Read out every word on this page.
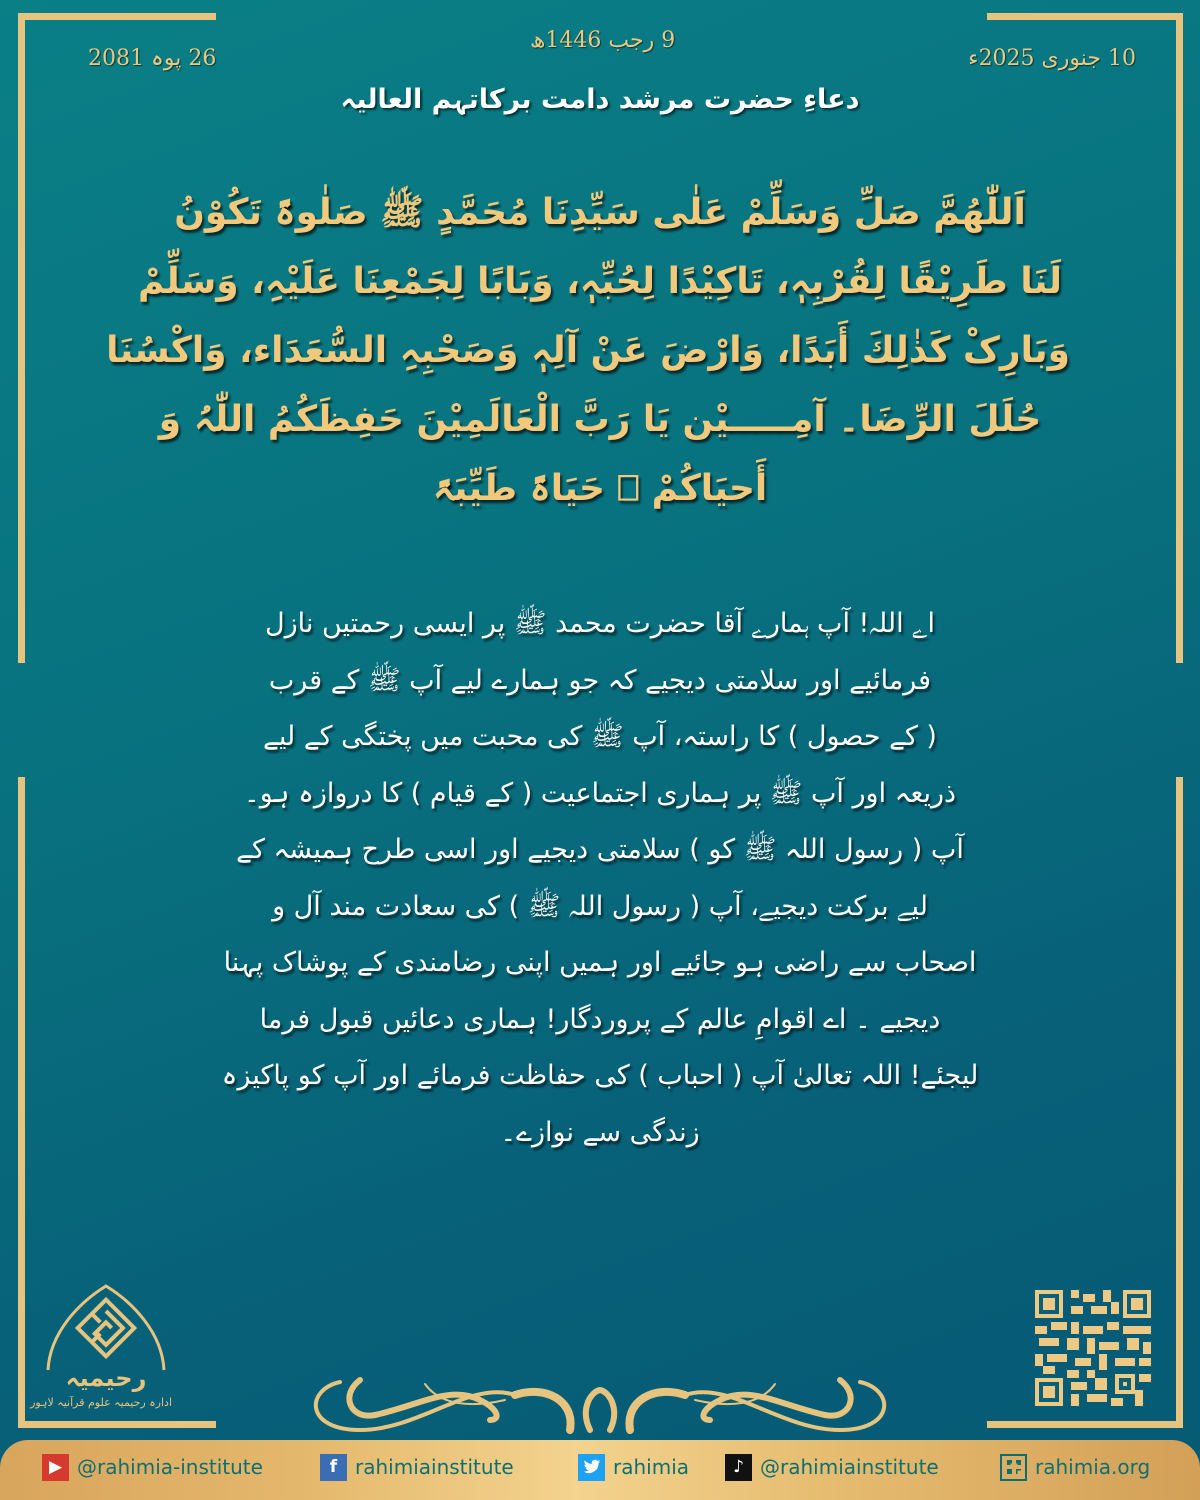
10 جنوری 2025ء
9 رجب 1446ھ
26 پوہ 2081
دعاءِ حضرت مرشد دامت برکاتہم العالیہ
اَللّٰھُمَّ صَلِّ وَسَلِّمْ عَلٰی سَیِّدِنَا مُحَمَّدٍ ﷺ صَلٰوۃً تَکُوْنُ
لَنَا طَرِیْقًا لِقُرْبِہٖ، تَاکِیْدًا لِحُبِّہٖ، وَبَابًا لِجَمْعِنَا عَلَیْہِ، وَسَلِّمْ
وَبَارِکْ کَذٰلِكَ أَبَدًا، وَارْضَ عَنْ آلِہٖ وَصَحْبِہِ السُّعَدَاء، وَاکْسُنَا
حُلَلَ الرِّضَا۔ آمِـــــیْن یَا رَبَّ الْعَالَمِیْنَ حَفِظَکُمُ اللّٰہُ وَ
أَحیَاکُمْ ⎕ حَیَاۃً طَیِّبَۃً
اے اللہ! آپ ہمارے آقا حضرت محمد ﷺ پر ایسی رحمتیں نازل
فرمائیے اور سلامتی دیجیے کہ جو ہمارے لیے آپ ﷺ کے قرب
( کے حصول ) کا راستہ، آپ ﷺ کی محبت میں پختگی کے لیے
ذریعہ اور آپ ﷺ پر ہماری اجتماعیت ( کے قیام ) کا دروازہ ہو۔
آپ ( رسول اللہ ﷺ کو ) سلامتی دیجیے اور اسی طرح ہمیشہ کے
لیے برکت دیجیے، آپ ( رسول اللہ ﷺ ) کی سعادت مند آل و
اصحاب سے راضی ہو جائیے اور ہمیں اپنی رضامندی کے پوشاک پہنا
دیجیے ۔ اے اقوامِ عالم کے پروردگار! ہماری دعائیں قبول فرما
لیجئے! اللہ تعالیٰ آپ ( احباب ) کی حفاظت فرمائے اور آپ کو پاکیزہ
زندگی سے نوازے۔
رحیمیہ
ادارہ رحیمیہ علوم قرآنیہ لاہور
▶ @rahimia-institute	f rahimiainstitute	rahimia	♪ @rahimiainstitute	rahimia.org
